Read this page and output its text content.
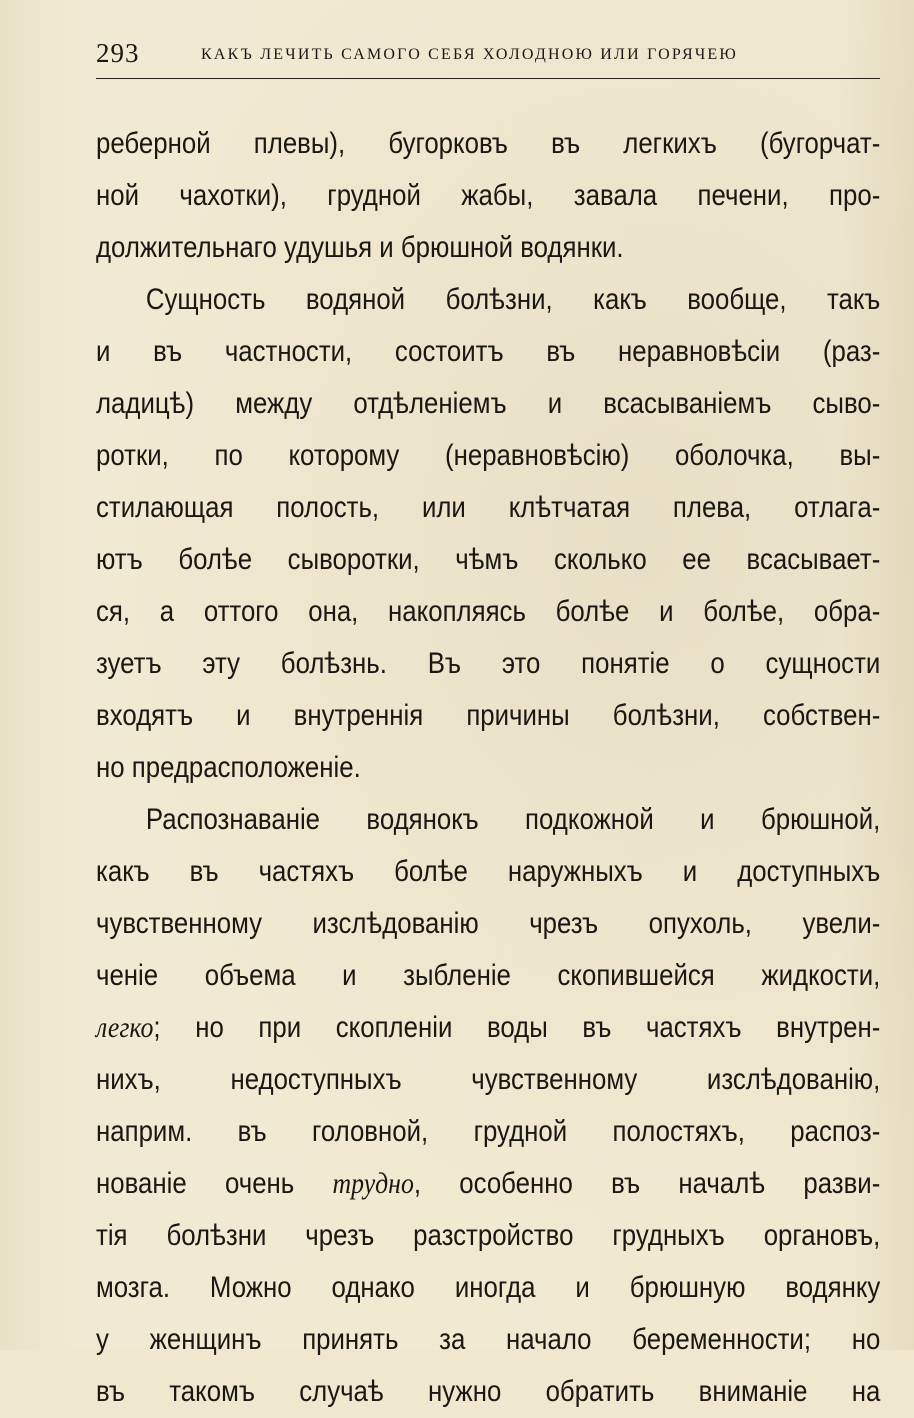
293	КАКЪ ЛЕЧИТЬ САМОГО СЕБЯ ХОЛОДНОЮ ИЛИ ГОРЯЧЕЮ
реберной плевы), бугорковъ въ легкихъ (бугорчат-
ной чахотки), грудной жабы, завала печени, про-
должительнаго удушья и брюшной водянки.
Сущность водяной болѣзни, какъ вообще, такъ
и въ частности, состоитъ въ неравновѣсіи (раз-
ладицѣ) между отдѣленіемъ и всасываніемъ сыво-
ротки, по которому (неравновѣсію) оболочка, вы-
стилающая полость, или клѣтчатая плева, отлага-
ютъ болѣе сыворотки, чѣмъ сколько ее всасывает-
ся, а оттого она, накопляясь болѣе и болѣе, обра-
зуетъ эту болѣзнь. Въ это понятіе о сущности
входятъ и внутреннія причины болѣзни, собствен-
но предрасположеніе.
Распознаваніе водянокъ подкожной и брюшной,
какъ въ частяхъ болѣе наружныхъ и доступныхъ
чувственному изслѣдованію чрезъ опухоль, увели-
ченіе объема и зыбленіе скопившейся жидкости,
легко; но при скопленіи воды въ частяхъ внутрен-
нихъ, недоступныхъ чувственному изслѣдованію,
наприм. въ головной, грудной полостяхъ, распоз-
нованіе очень трудно, особенно въ началѣ разви-
тія болѣзни чрезъ разстройство грудныхъ органовъ,
мозга. Можно однако иногда и брюшную водянку
у женщинъ принять за начало беременности; но
въ такомъ случаѣ нужно обратить вниманіе на
